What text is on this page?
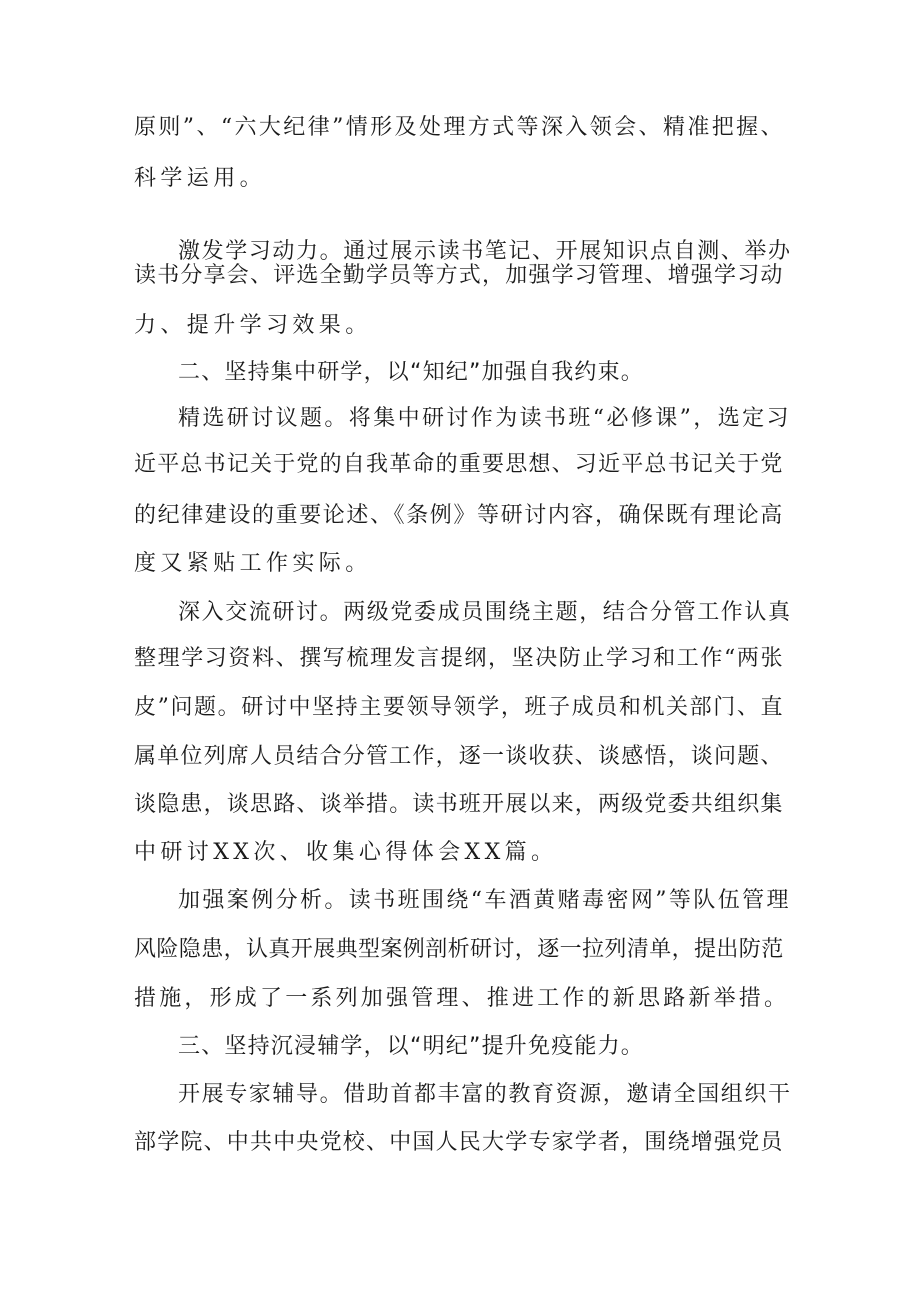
原则”、“六大纪律”情形及处理方式等深入领会、精准把握、
科学运用。
激发学习动力。通过展示读书笔记、开展知识点自测、举办
读书分享会、评选全勤学员等方式，加强学习管理、增强学习动
力、提升学习效果。
二、坚持集中研学，以“知纪”加强自我约束。
精选研讨议题。将集中研讨作为读书班“必修课”，选定习
近平总书记关于党的自我革命的重要思想、习近平总书记关于党
的纪律建设的重要论述、《条例》等研讨内容，确保既有理论高
度又紧贴工作实际。
深入交流研讨。两级党委成员围绕主题，结合分管工作认真
整理学习资料、撰写梳理发言提纲，坚决防止学习和工作“两张
皮”问题。研讨中坚持主要领导领学，班子成员和机关部门、直
属单位列席人员结合分管工作，逐一谈收获、谈感悟，谈问题、
谈隐患，谈思路、谈举措。读书班开展以来，两级党委共组织集
中研讨XX次、收集心得体会XX篇。
加强案例分析。读书班围绕“车酒黄赌毒密网”等队伍管理
风险隐患，认真开展典型案例剖析研讨，逐一拉列清单，提出防范
措施，形成了一系列加强管理、推进工作的新思路新举措。
三、坚持沉浸辅学，以“明纪”提升免疫能力。
开展专家辅导。借助首都丰富的教育资源，邀请全国组织干
部学院、中共中央党校、中国人民大学专家学者，围绕增强党员
